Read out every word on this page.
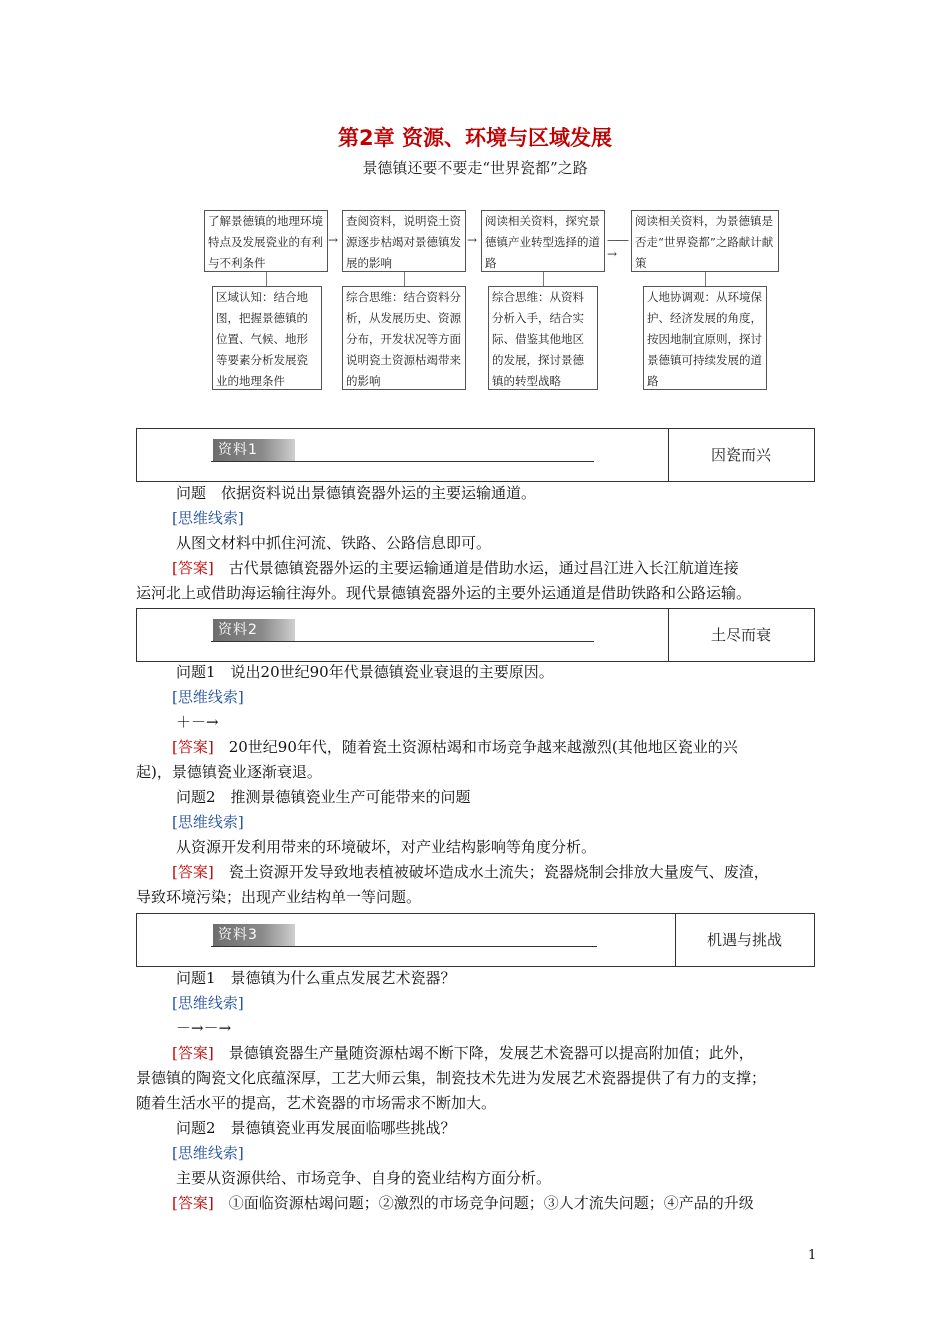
第2章 资源、环境与区域发展
景德镇还要不要走“世界瓷都”之路
了解景德镇的地理环境特点及发展瓷业的有利与不利条件
查阅资料，说明瓷土资源逐步枯竭对景德镇发展的影响
阅读相关资料，探究景德镇产业转型选择的道路
阅读相关资料，为景德镇是否走“世界瓷都”之路献计献策
→	→	——→
区域认知：结合地图，把握景德镇的位置、气候、地形等要素分析发展瓷业的地理条件
综合思维：结合资料分析，从发展历史、资源分布，开发状况等方面说明瓷土资源枯竭带来的影响
综合思维：从资料分析入手，结合实际、借鉴其他地区的发展，探讨景德镇的转型战略
人地协调观：从环境保护、经济发展的角度，按因地制宜原则，探讨景德镇可持续发展的道路
资料1	因瓷而兴
问题　依据资料说出景德镇瓷器外运的主要运输通道。
[思维线索]
从图文材料中抓住河流、铁路、公路信息即可。
[答案]　古代景德镇瓷器外运的主要运输通道是借助水运，通过昌江进入长江航道连接
运河北上或借助海运输往海外。现代景德镇瓷器外运的主要外运通道是借助铁路和公路运输。
资料2	土尽而衰
问题1　说出20世纪90年代景德镇瓷业衰退的主要原因。
[思维线索]
＋－→
[答案]　20世纪90年代，随着瓷土资源枯竭和市场竞争越来越激烈(其他地区瓷业的兴
起)，景德镇瓷业逐渐衰退。
问题2　推测景德镇瓷业生产可能带来的问题
[思维线索]
从资源开发利用带来的环境破坏，对产业结构影响等角度分析。
[答案]　瓷土资源开发导致地表植被破坏造成水土流失；瓷器烧制会排放大量废气、废渣，
导致环境污染；出现产业结构单一等问题。
资料3	机遇与挑战
问题1　景德镇为什么重点发展艺术瓷器？
[思维线索]
－→－→
[答案]　景德镇瓷器生产量随资源枯竭不断下降，发展艺术瓷器可以提高附加值；此外，
景德镇的陶瓷文化底蕴深厚，工艺大师云集，制瓷技术先进为发展艺术瓷器提供了有力的支撑；
随着生活水平的提高，艺术瓷器的市场需求不断加大。
问题2　景德镇瓷业再发展面临哪些挑战？
[思维线索]
主要从资源供给、市场竞争、自身的瓷业结构方面分析。
[答案]　①面临资源枯竭问题；②激烈的市场竞争问题；③人才流失问题；④产品的升级
1
